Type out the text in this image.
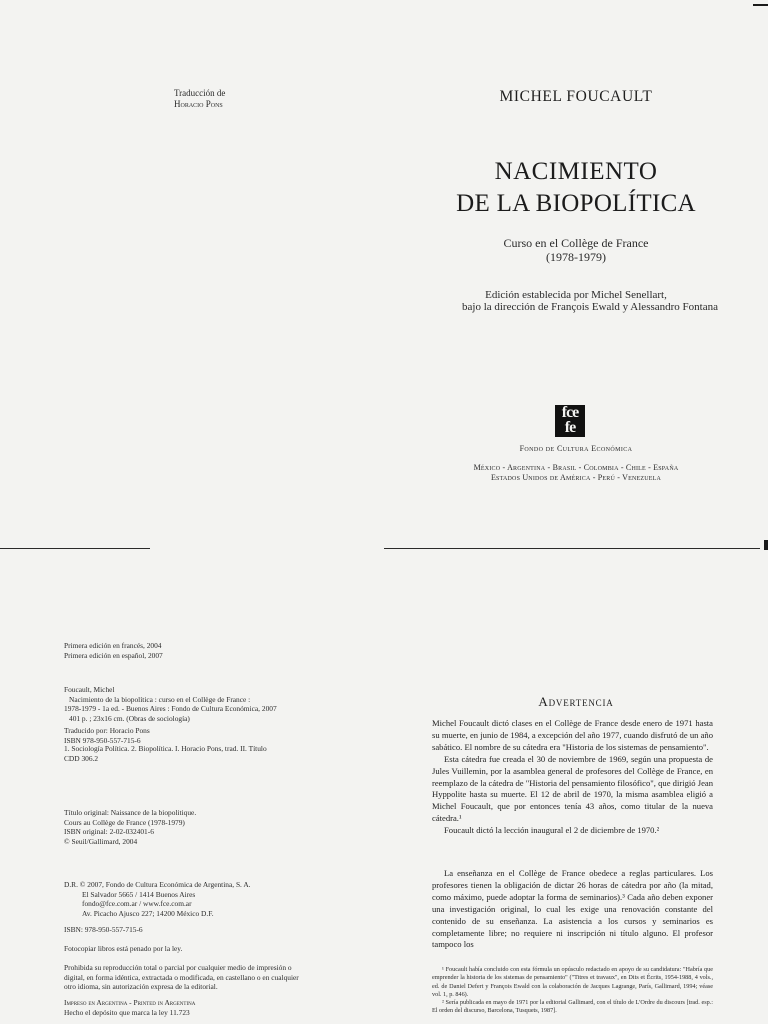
Traducción de
Horacio Pons	MICHEL FOUCAULT
NACIMIENTO
DE LA BIOPOLÍTICA
Curso en el Collège de France
(1978-1979)
Edición establecida por Michel Senellart,
bajo la dirección de François Ewald y Alessandro Fontana
fce
fe
Fondo de Cultura Económica
México - Argentina - Brasil - Colombia - Chile - España
Estados Unidos de América - Perú - Venezuela
Primera edición en francés, 2004
Primera edición en español, 2007
Foucault, Michel
Nacimiento de la biopolítica : curso en el Collège de France :
1978-1979 - 1a ed. - Buenos Aires : Fondo de Cultura Económica, 2007
401 p. ; 23x16 cm. (Obras de sociología)
Traducido por: Horacio Pons
ISBN 978-950-557-715-6
1. Sociología Política. 2. Biopolítica. I. Horacio Pons, trad. II. Título
CDD 306.2
Título original: Naissance de la biopolitique.
Cours au Collège de France (1978-1979)
ISBN original: 2-02-032401-6
© Seuil/Gallimard, 2004
D.R. © 2007, Fondo de Cultura Económica de Argentina, S. A.
El Salvador 5665 / 1414 Buenos Aires
fondo@fce.com.ar / www.fce.com.ar
Av. Picacho Ajusco 227; 14200 México D.F.
ISBN: 978-950-557-715-6
Fotocopiar libros está penado por la ley.
Prohibida su reproducción total o parcial por cualquier medio de impresión o
digital, en forma idéntica, extractada o modificada, en castellano o en cualquier
otro idioma, sin autorización expresa de la editorial.
Impreso en Argentina - Printed in Argentina
Hecho el depósito que marca la ley 11.723
Advertencia

Michel Foucault dictó clases en el Collège de France desde enero de 1971 hasta su muerte, en junio de 1984, a excepción del año 1977, cuando disfrutó de un año sabático. El nombre de su cátedra era "Historia de los sistemas de pensamiento".

Esta cátedra fue creada el 30 de noviembre de 1969, según una propuesta de Jules Vuillemin, por la asamblea general de profesores del Collège de France, en reemplazo de la cátedra de "Historia del pensamiento filosófico", que dirigió Jean Hyppolite hasta su muerte. El 12 de abril de 1970, la misma asamblea eligió a Michel Foucault, que por entonces tenía 43 años, como titular de la nueva cátedra.¹

Foucault dictó la lección inaugural el 2 de diciembre de 1970.²

La enseñanza en el Collège de France obedece a reglas particulares. Los profesores tienen la obligación de dictar 26 horas de cátedra por año (la mitad, como máximo, puede adoptar la forma de seminarios).³ Cada año deben exponer una investigación original, lo cual les exige una renovación constante del contenido de su enseñanza. La asistencia a los cursos y seminarios es completamente libre; no requiere ni inscripción ni título alguno. El profesor tampoco los

¹ Foucault había concluido con esta fórmula un opúsculo redactado en apoyo de su candidatura: "Habría que emprender la historia de los sistemas de pensamiento" ("Titres et travaux", en Dits et Écrits, 1954-1988, 4 vols., ed. de Daniel Defert y François Ewald con la colaboración de Jacques Lagrange, París, Gallimard, 1994; véase vol. 1, p. 846).

² Sería publicada en mayo de 1971 por la editorial Gallimard, con el título de L'Ordre du discours [trad. esp.: El orden del discurso, Barcelona, Tusquets, 1987].
